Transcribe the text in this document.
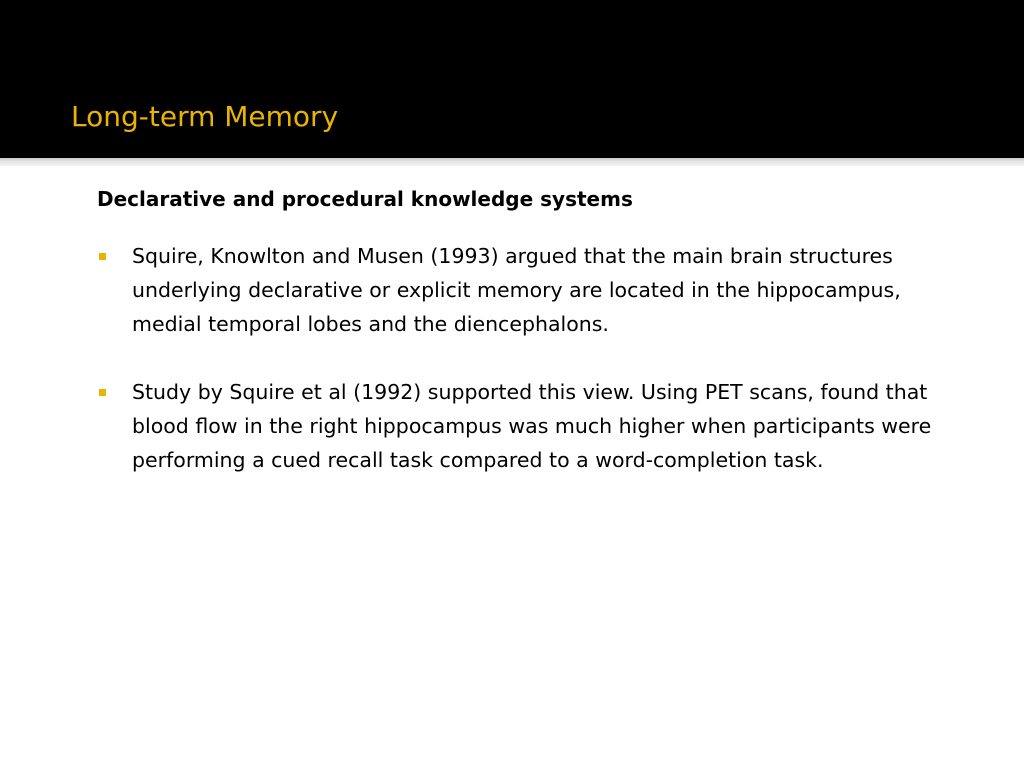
Long-term Memory

Declarative and procedural knowledge systems

Squire, Knowlton and Musen (1993) argued that the main brain structures underlying declarative or explicit memory are located in the hippocampus, medial temporal lobes and the diencephalons.
Study by Squire et al (1992) supported this view. Using PET scans, found that blood flow in the right hippocampus was much higher when participants were performing a cued recall task compared to a word-completion task.
